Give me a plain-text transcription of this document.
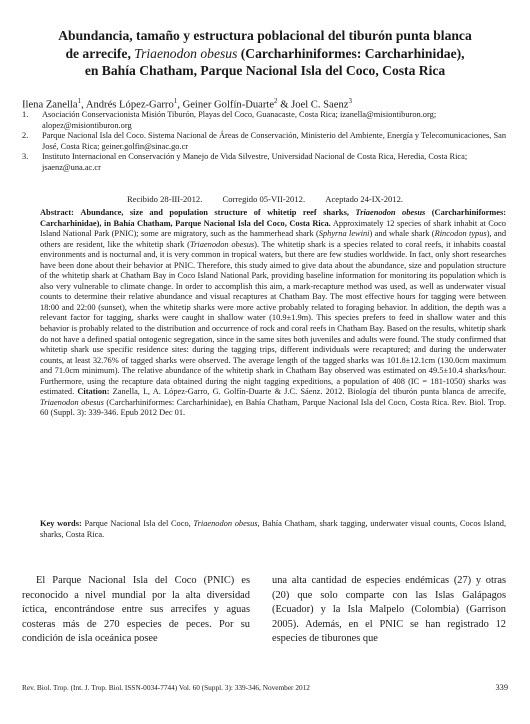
Abundancia, tamaño y estructura poblacional del tiburón punta blanca
de arrecife, Triaenodon obesus (Carcharhiniformes: Carcharhinidae),
en Bahía Chatham, Parque Nacional Isla del Coco, Costa Rica
Ilena Zanella$^1$, Andrés López-Garro$^1$, Geiner Golfín-Duarte$^2$ & Joel C. Saenz$^3$
1.	Asociación Conservacionista Misión Tiburón, Playas del Coco, Guanacaste, Costa Rica; izanella@misiontiburon.org; alopez@misiontiburon.org
2.	Parque Nacional Isla del Coco. Sistema Nacional de Áreas de Conservación, Ministerio del Ambiente, Energía y Telecomunicaciones, San José, Costa Rica; geiner.golfin@sinac.go.cr
3.	Instituto Internacional en Conservación y Manejo de Vida Silvestre, Universidad Nacional de Costa Rica, Heredia, Costa Rica; jsaenz@una.ac.cr
Recibido 28-III-2012. Corregido 05-VII-2012. Aceptado 24-IX-2012.
Abstract: Abundance, size and population structure of whitetip reef sharks, Triaenodon obesus (Carcharhiniformes: Carcharhinidae), in Bahía Chatham, Parque Nacional Isla del Coco, Costa Rica. Approximately 12 species of shark inhabit at Coco Island National Park (PNIC); some are migratory, such as the hammerhead shark (Sphyrna lewini) and whale shark (Rincodon typus), and others are resident, like the whitetip shark (Triaenodon obesus). The whitetip shark is a species related to coral reefs, it inhabits coastal environments and is nocturnal and, it is very common in tropical waters, but there are few studies worldwide. In fact, only short researches have been done about their behavior at PNIC. Therefore, this study aimed to give data about the abundance, size and population structure of the whitetip shark at Chatham Bay in Coco Island National Park, providing baseline information for monitoring its population which is also very vulnerable to climate change. In order to accomplish this aim, a mark-recapture method was used, as well as underwater visual counts to determine their relative abundance and visual recaptures at Chatham Bay. The most effective hours for tagging were between 18:00 and 22:00 (sunset), when the whitetip sharks were more active probably related to foraging behavior. In addition, the depth was a relevant factor for tagging, sharks were caught in shallow water (10.9±1.9m). This species prefers to feed in shallow water and this behavior is probably related to the distribution and occurrence of rock and coral reefs in Chatham Bay. Based on the results, whitetip shark do not have a defined spatial ontogenic segregation, since in the same sites both juveniles and adults were found. The study confirmed that whitetip shark use specific residence sites: during the tagging trips, different individuals were recaptured; and during the underwater counts, at least 32.76% of tagged sharks were observed. The average length of the tagged sharks was 101.8±12.1cm (130.0cm maximum and 71.0cm minimum). The relative abundance of the whitetip shark in Chatham Bay observed was estimated on 49.5±10.4 sharks/hour. Furthermore, using the recapture data obtained during the night tagging expeditions, a population of 408 (IC = 181-1050) sharks was estimated. Citation: Zanella, I., A. López-Garro, G. Golfín-Duarte & J.C. Sáenz. 2012. Biología del tiburón punta blanca de arrecife, Triaenodon obesus (Carcharhiniformes: Carcharhinidae), en Bahía Chatham, Parque Nacional Isla del Coco, Costa Rica. Rev. Biol. Trop. 60 (Suppl. 3): 339-346. Epub 2012 Dec 01.
Key words: Parque Nacional Isla del Coco, Triaenodon obesus, Bahía Chatham, shark tagging, underwater visual counts, Cocos Island, sharks, Costa Rica.
El Parque Nacional Isla del Coco (PNIC) es reconocido a nivel mundial por la alta diversidad íctica, encontrándose entre sus arrecifes y aguas costeras más de 270 especies de peces. Por su condición de isla oceánica posee
una alta cantidad de especies endémicas (27) y otras (20) que solo comparte con las Islas Galápagos (Ecuador) y la Isla Malpelo (Colombia) (Garrison 2005). Además, en el PNIC se han registrado 12 especies de tiburones que
Rev. Biol. Trop. (Int. J. Trop. Biol. ISSN-0034-7744) Vol. 60 (Suppl. 3): 339-346, November 2012	339
